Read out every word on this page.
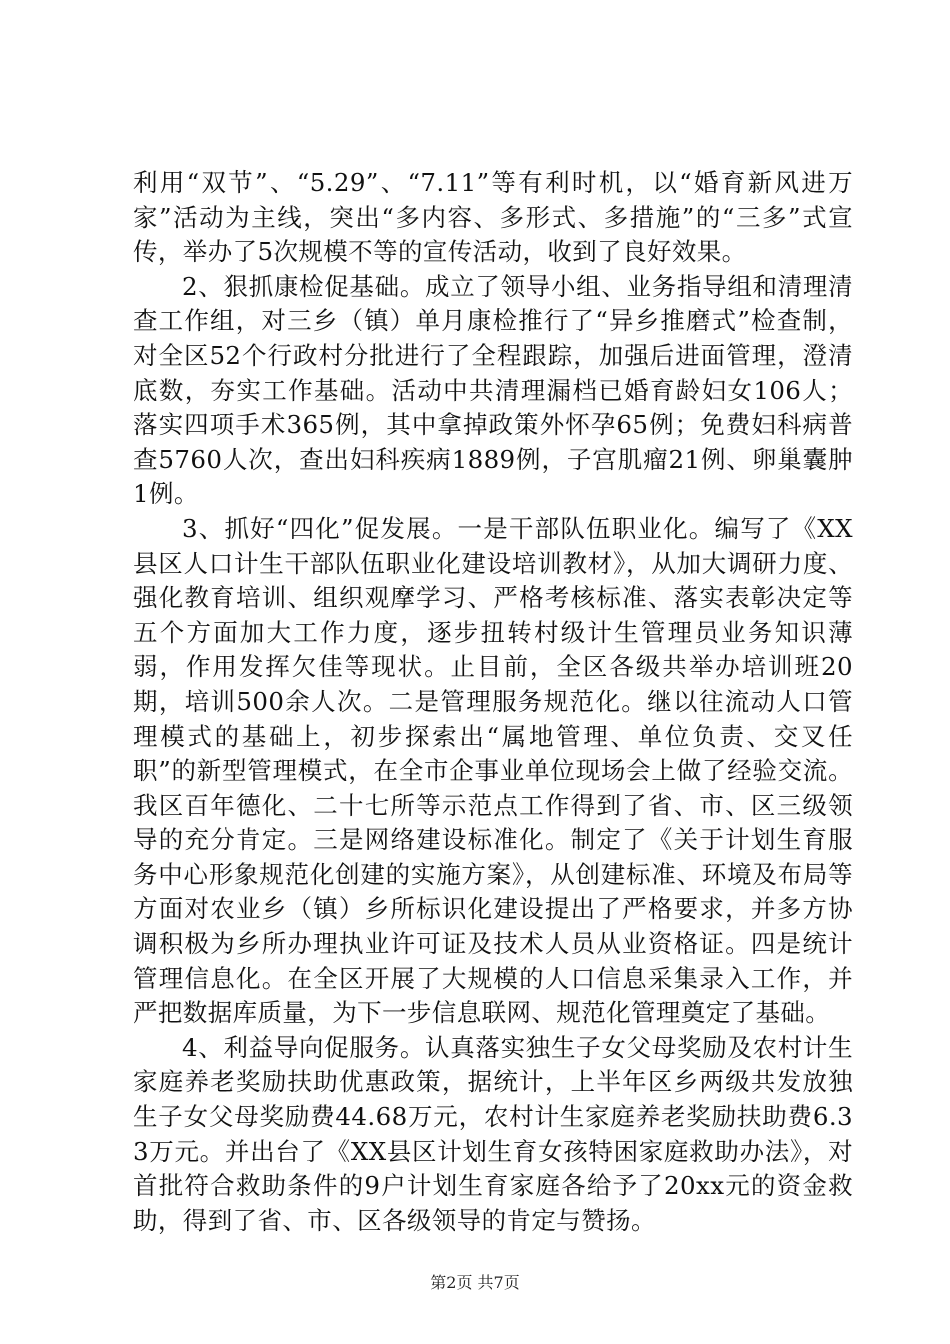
利用“双节”、“5.29”、“7.11”等有利时机，以“婚育新风进万家”活动为主线，突出“多内容、多形式、多措施”的“三多”式宣传，举办了5次规模不等的宣传活动，收到了良好效果。

2、狠抓康检促基础。成立了领导小组、业务指导组和清理清查工作组，对三乡（镇）单月康检推行了“异乡推磨式”检查制，对全区52个行政村分批进行了全程跟踪，加强后进面管理，澄清底数，夯实工作基础。活动中共清理漏档已婚育龄妇女106人；落实四项手术365例，其中拿掉政策外怀孕65例；免费妇科病普查5760人次，查出妇科疾病1889例，子宫肌瘤21例、卵巢囊肿1例。

3、抓好“四化”促发展。一是干部队伍职业化。编写了《XX县区人口计生干部队伍职业化建设培训教材》，从加大调研力度、强化教育培训、组织观摩学习、严格考核标准、落实表彰决定等五个方面加大工作力度，逐步扭转村级计生管理员业务知识薄弱，作用发挥欠佳等现状。止目前，全区各级共举办培训班20期，培训500余人次。二是管理服务规范化。继以往流动人口管理模式的基础上，初步探索出“属地管理、单位负责、交叉任职”的新型管理模式，在全市企事业单位现场会上做了经验交流。我区百年德化、二十七所等示范点工作得到了省、市、区三级领导的充分肯定。三是网络建设标准化。制定了《关于计划生育服务中心形象规范化创建的实施方案》，从创建标准、环境及布局等方面对农业乡（镇）乡所标识化建设提出了严格要求，并多方协调积极为乡所办理执业许可证及技术人员从业资格证。四是统计管理信息化。在全区开展了大规模的人口信息采集录入工作，并严把数据库质量，为下一步信息联网、规范化管理奠定了基础。

4、利益导向促服务。认真落实独生子女父母奖励及农村计生家庭养老奖励扶助优惠政策，据统计，上半年区乡两级共发放独生子女父母奖励费44.68万元，农村计生家庭养老奖励扶助费6.33万元。并出台了《XX县区计划生育女孩特困家庭救助办法》，对首批符合救助条件的9户计划生育家庭各给予了20xx元的资金救助，得到了省、市、区各级领导的肯定与赞扬。

第2页 共7页
